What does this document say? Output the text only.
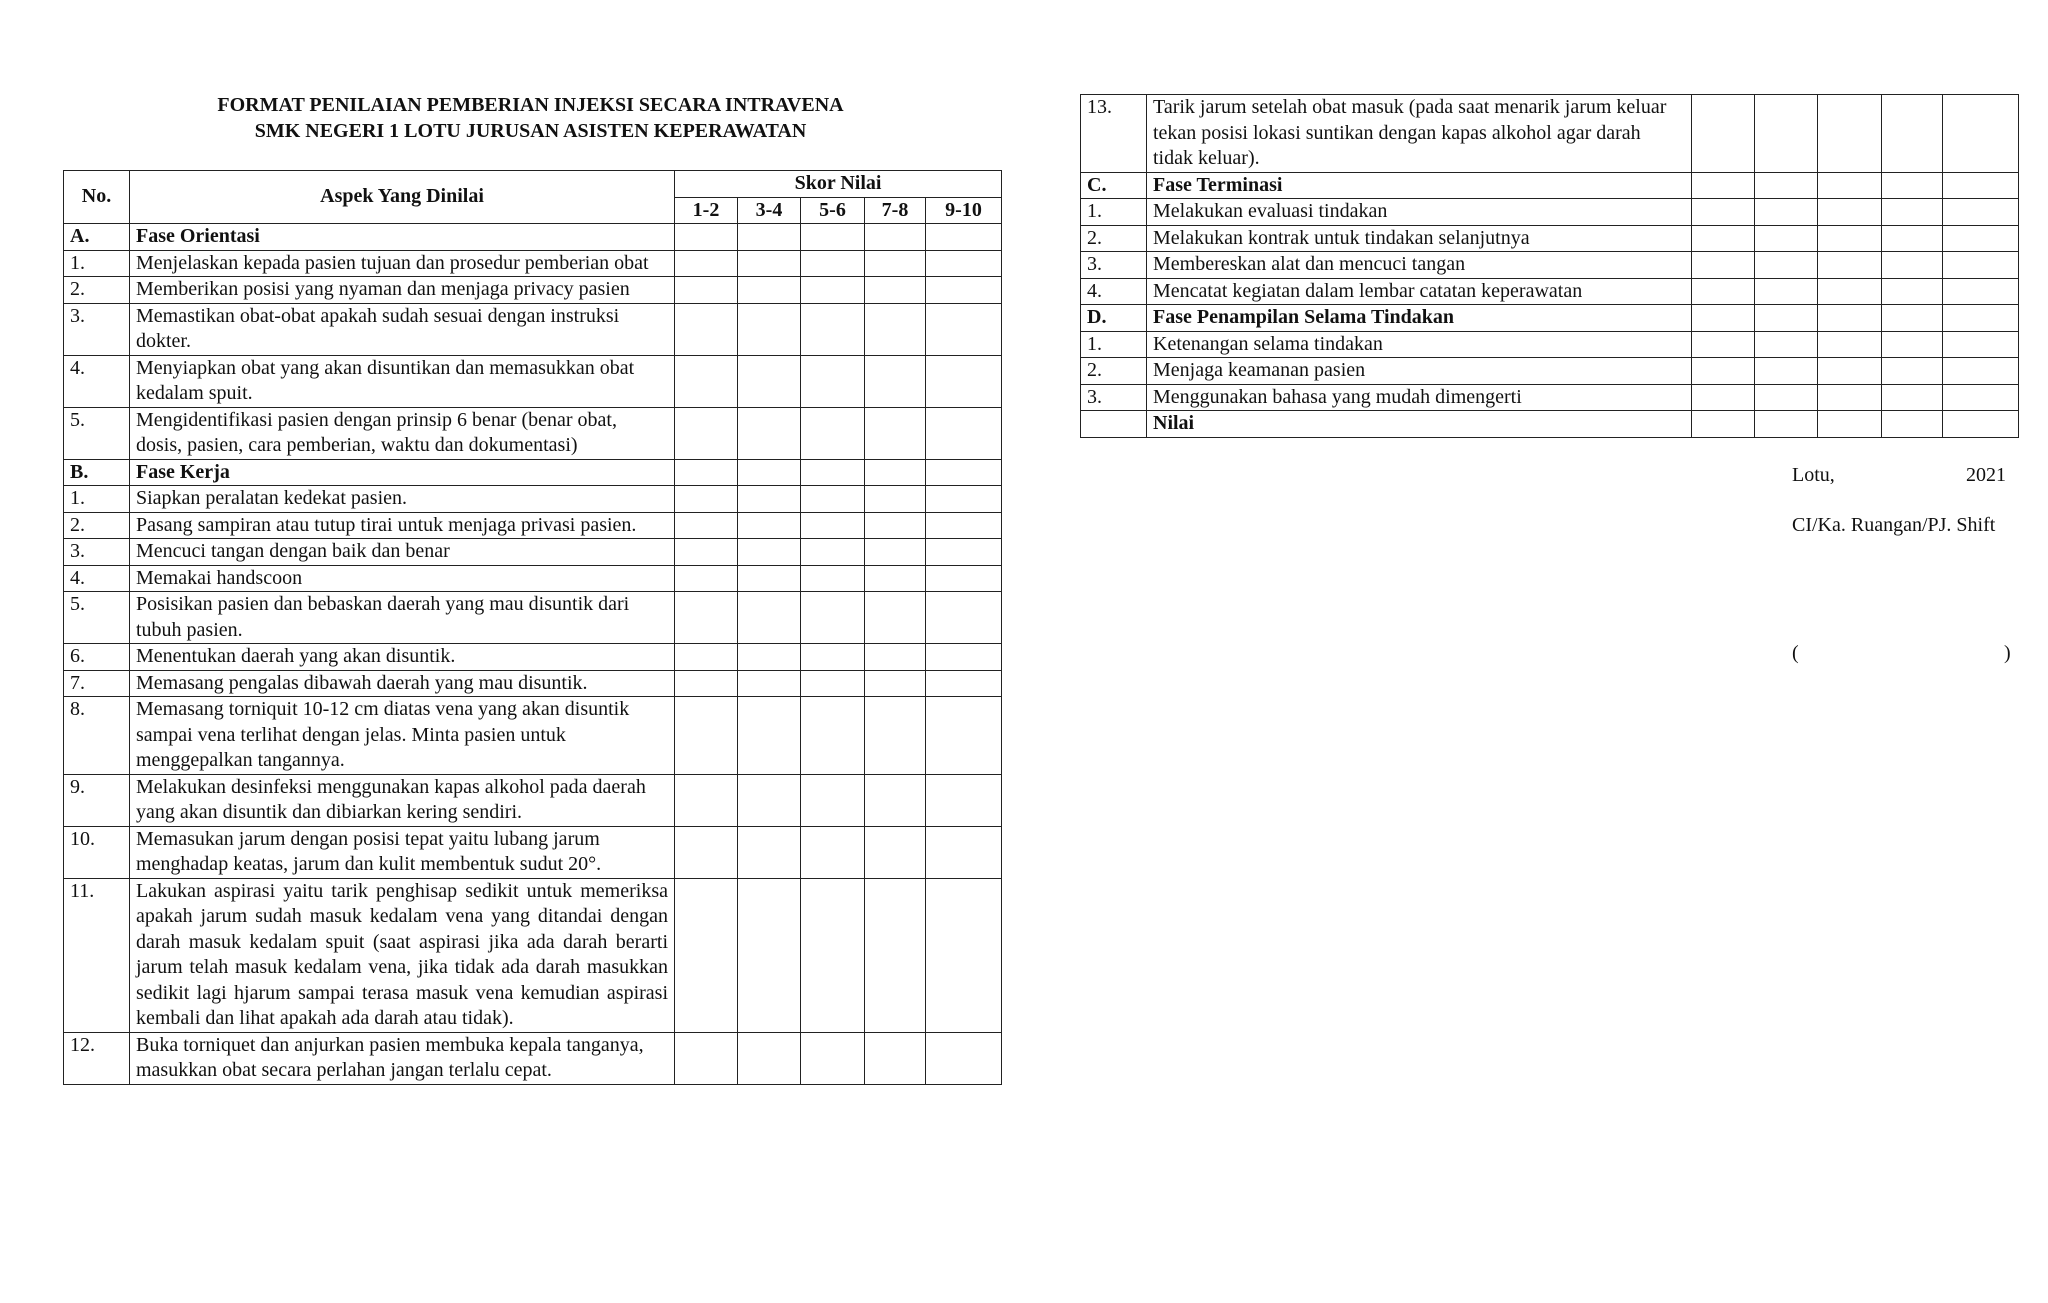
FORMAT PENILAIAN PEMBERIAN INJEKSI SECARA INTRAVENA
SMK NEGERI 1 LOTU JURUSAN ASISTEN KEPERAWATAN
No.	Aspek Yang Dinilai	Skor Nilai				
		1-2	3-4	5-6	7-8	9-10
A.	Fase Orientasi					
1.	Menjelaskan kepada pasien tujuan dan prosedur pemberian obat					
2.	Memberikan posisi yang nyaman dan menjaga privacy pasien					
3.	Memastikan obat-obat apakah sudah sesuai dengan instruksi dokter.					
4.	Menyiapkan obat yang akan disuntikan dan memasukkan obat kedalam spuit.					
5.	Mengidentifikasi pasien dengan prinsip 6 benar (benar obat, dosis, pasien, cara pemberian, waktu dan dokumentasi)					
B.	Fase Kerja					
1.	Siapkan peralatan kedekat pasien.					
2.	Pasang sampiran atau tutup tirai untuk menjaga privasi pasien.					
3.	Mencuci tangan dengan baik dan benar					
4.	Memakai handscoon					
5.	Posisikan pasien dan bebaskan daerah yang mau disuntik dari tubuh pasien.					
6.	Menentukan daerah yang akan disuntik.					
7.	Memasang pengalas dibawah daerah yang mau disuntik.					
8.	Memasang torniquit 10-12 cm diatas vena yang akan disuntik sampai vena terlihat dengan jelas. Minta pasien untuk menggepalkan tangannya.					
9.	Melakukan desinfeksi menggunakan kapas alkohol pada daerah yang akan disuntik dan dibiarkan kering sendiri.					
10.	Memasukan jarum dengan posisi tepat yaitu lubang jarum menghadap keatas, jarum dan kulit membentuk sudut 20°.					
11.	Lakukan aspirasi yaitu tarik penghisap sedikit untuk memeriksa apakah jarum sudah masuk kedalam vena yang ditandai dengan darah masuk kedalam spuit (saat aspirasi jika ada darah berarti jarum telah masuk kedalam vena, jika tidak ada darah masukkan sedikit lagi hjarum sampai terasa masuk vena kemudian aspirasi kembali dan lihat apakah ada darah atau tidak).					
12.	Buka torniquet dan anjurkan pasien membuka kepala tanganya, masukkan obat secara perlahan jangan terlalu cepat.					
13.	Tarik jarum setelah obat masuk (pada saat menarik jarum keluar tekan posisi lokasi suntikan dengan kapas alkohol agar darah tidak keluar).					
C.	Fase Terminasi					
1.	Melakukan evaluasi tindakan					
2.	Melakukan kontrak untuk tindakan selanjutnya					
3.	Membereskan alat dan mencuci tangan					
4.	Mencatat kegiatan dalam lembar catatan keperawatan					
D.	Fase Penampilan Selama Tindakan					
1.	Ketenangan selama tindakan					
2.	Menjaga keamanan pasien					
3.	Menggunakan bahasa yang mudah dimengerti					
	Nilai					
Lotu,	2021
CI/Ka. Ruangan/PJ. Shift
(	)
